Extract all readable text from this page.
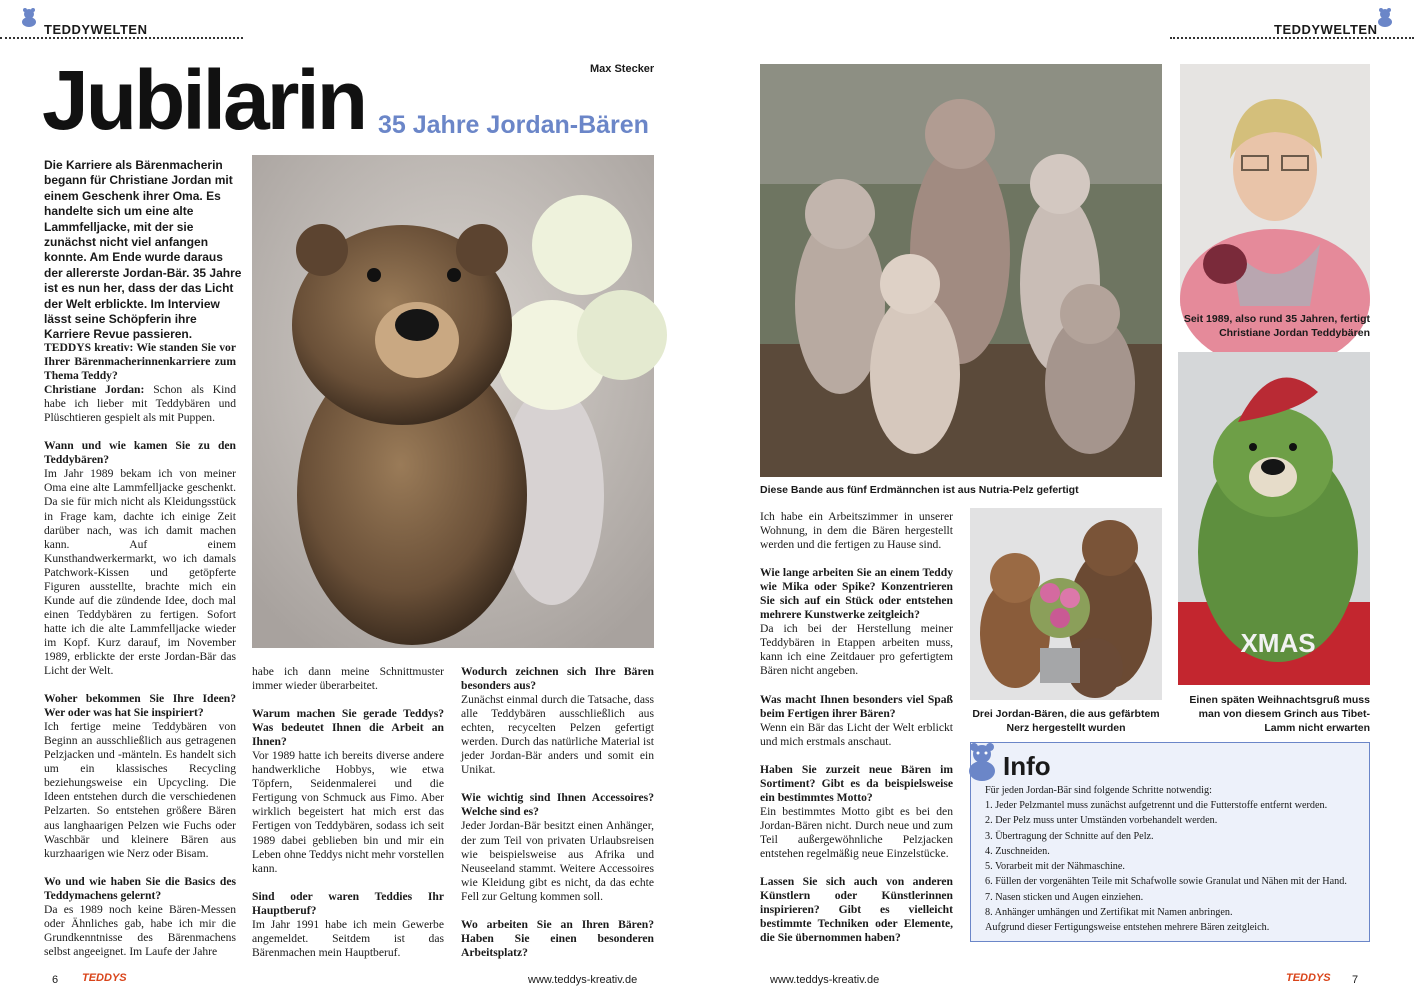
TEDDYWELTEN	TEDDYWELTEN
Jubilarin 35 Jahre Jordan-Bären
Max Stecker
Die Karriere als Bärenmacherin begann für Christiane Jordan mit einem Geschenk ihrer Oma. Es handelte sich um eine alte Lammfelljacke, mit der sie zunächst nicht viel anfangen konnte. Am Ende wurde daraus der allererste Jordan-Bär. 35 Jahre ist es nun her, dass der das Licht der Welt erblickte. Im Interview lässt seine Schöpferin ihre Karriere Revue passieren.

TEDDYS kreativ: Wie standen Sie vor Ihrer Bärenmacherinnenkarriere zum Thema Teddy?
Christiane Jordan: Schon als Kind habe ich lieber mit Teddybären und Plüschtieren gespielt als mit Puppen.

Wann und wie kamen Sie zu den Teddybären?
Im Jahr 1989 bekam ich von meiner Oma eine alte Lammfelljacke geschenkt. Da sie für mich nicht als Kleidungsstück in Frage kam, dachte ich einige Zeit darüber nach, was ich damit machen kann. Auf einem Kunsthandwerkermarkt, wo ich damals Patchwork-Kissen und getöpferte Figuren ausstellte, brachte mich ein Kunde auf die zündende Idee, doch mal einen Teddybären zu fertigen. Sofort hatte ich die alte Lammfelljacke wieder im Kopf. Kurz darauf, im November 1989, erblickte der erste Jordan-Bär das Licht der Welt.

Woher bekommen Sie Ihre Ideen? Wer oder was hat Sie inspiriert?
Ich fertige meine Teddybären von Beginn an ausschließlich aus getragenen Pelzjacken und -mänteln. Es handelt sich um ein klassisches Recycling beziehungsweise ein Upcycling. Die Ideen entstehen durch die verschiedenen Pelzarten. So entstehen größere Bären aus langhaarigen Pelzen wie Fuchs oder Waschbär und kleinere Bären aus kurzhaarigen wie Nerz oder Bisam.

Wo und wie haben Sie die Basics des Teddymachens gelernt?
Da es 1989 noch keine Bären-Messen oder Ähnliches gab, habe ich mir die Grundkenntnisse des Bärenmachens selbst angeeignet. Im Laufe der Jahre

habe ich dann meine Schnittmuster immer wieder überarbeitet.

Warum machen Sie gerade Teddys? Was bedeutet Ihnen die Arbeit an Ihnen?
Vor 1989 hatte ich bereits diverse andere handwerkliche Hobbys, wie etwa Töpfern, Seidenmalerei und die Fertigung von Schmuck aus Fimo. Aber wirklich begeistert hat mich erst das Fertigen von Teddybären, sodass ich seit 1989 dabei geblieben bin und mir ein Leben ohne Teddys nicht mehr vorstellen kann.

Sind oder waren Teddies Ihr Hauptberuf?
Im Jahr 1991 habe ich mein Gewerbe angemeldet. Seitdem ist das Bärenmachen mein Hauptberuf.

Wodurch zeichnen sich Ihre Bären besonders aus?
Zunächst einmal durch die Tatsache, dass alle Teddybären ausschließlich aus echten, recycelten Pelzen gefertigt werden. Durch das natürliche Material ist jeder Jordan-Bär anders und somit ein Unikat.

Wie wichtig sind Ihnen Accessoires? Welche sind es?
Jeder Jordan-Bär besitzt einen Anhänger, der zum Teil von privaten Urlaubsreisen wie beispielsweise aus Afrika und Neuseeland stammt. Weitere Accessoires wie Kleidung gibt es nicht, da das echte Fell zur Geltung kommen soll.

Wo arbeiten Sie an Ihren Bären? Haben Sie einen besonderen Arbeitsplatz?

6 TEDDYS	www.teddys-kreativ.de
Diese Bande aus fünf Erdmännchen ist aus Nutria-Pelz gefertigt
Seit 1989, also rund 35 Jahren, fertigt Christiane Jordan Teddybären
XMAS
Einen späten Weihnachtsgruß muss man von diesem Grinch aus Tibet-Lamm nicht erwarten
Drei Jordan-Bären, die aus gefärbtem Nerz hergestellt wurden

Ich habe ein Arbeitszimmer in unserer Wohnung, in dem die Bären hergestellt werden und die fertigen zu Hause sind.

Wie lange arbeiten Sie an einem Teddy wie Mika oder Spike? Konzentrieren Sie sich auf ein Stück oder entstehen mehrere Kunstwerke zeitgleich?
Da ich bei der Herstellung meiner Teddybären in Etappen arbeiten muss, kann ich eine Zeitdauer pro gefertigtem Bären nicht angeben.

Was macht Ihnen besonders viel Spaß beim Fertigen ihrer Bären?
Wenn ein Bär das Licht der Welt erblickt und mich erstmals anschaut.

Haben Sie zurzeit neue Bären im Sortiment? Gibt es da beispielsweise ein bestimmtes Motto?
Ein bestimmtes Motto gibt es bei den Jordan-Bären nicht. Durch neue und zum Teil außergewöhnliche Pelzjacken entstehen regelmäßig neue Einzelstücke.

Lassen Sie sich auch von anderen Künstlern oder Künstlerinnen inspirieren? Gibt es vielleicht bestimmte Techniken oder Elemente, die Sie übernommen haben?

Info
Für jeden Jordan-Bär sind folgende Schritte notwendig:
1. Jeder Pelzmantel muss zunächst aufgetrennt und die Futterstoffe entfernt werden.
2. Der Pelz muss unter Umständen vorbehandelt werden.
3. Übertragung der Schnitte auf den Pelz.
4. Zuschneiden.
5. Vorarbeit mit der Nähmaschine.
6. Füllen der vorgenähten Teile mit Schafwolle sowie Granulat und Nähen mit der Hand.
7. Nasen sticken und Augen einziehen.
8. Anhänger umhängen und Zertifikat mit Namen anbringen.
Aufgrund dieser Fertigungsweise entstehen mehrere Bären zeitgleich.
www.teddys-kreativ.de	TEDDYS 7
